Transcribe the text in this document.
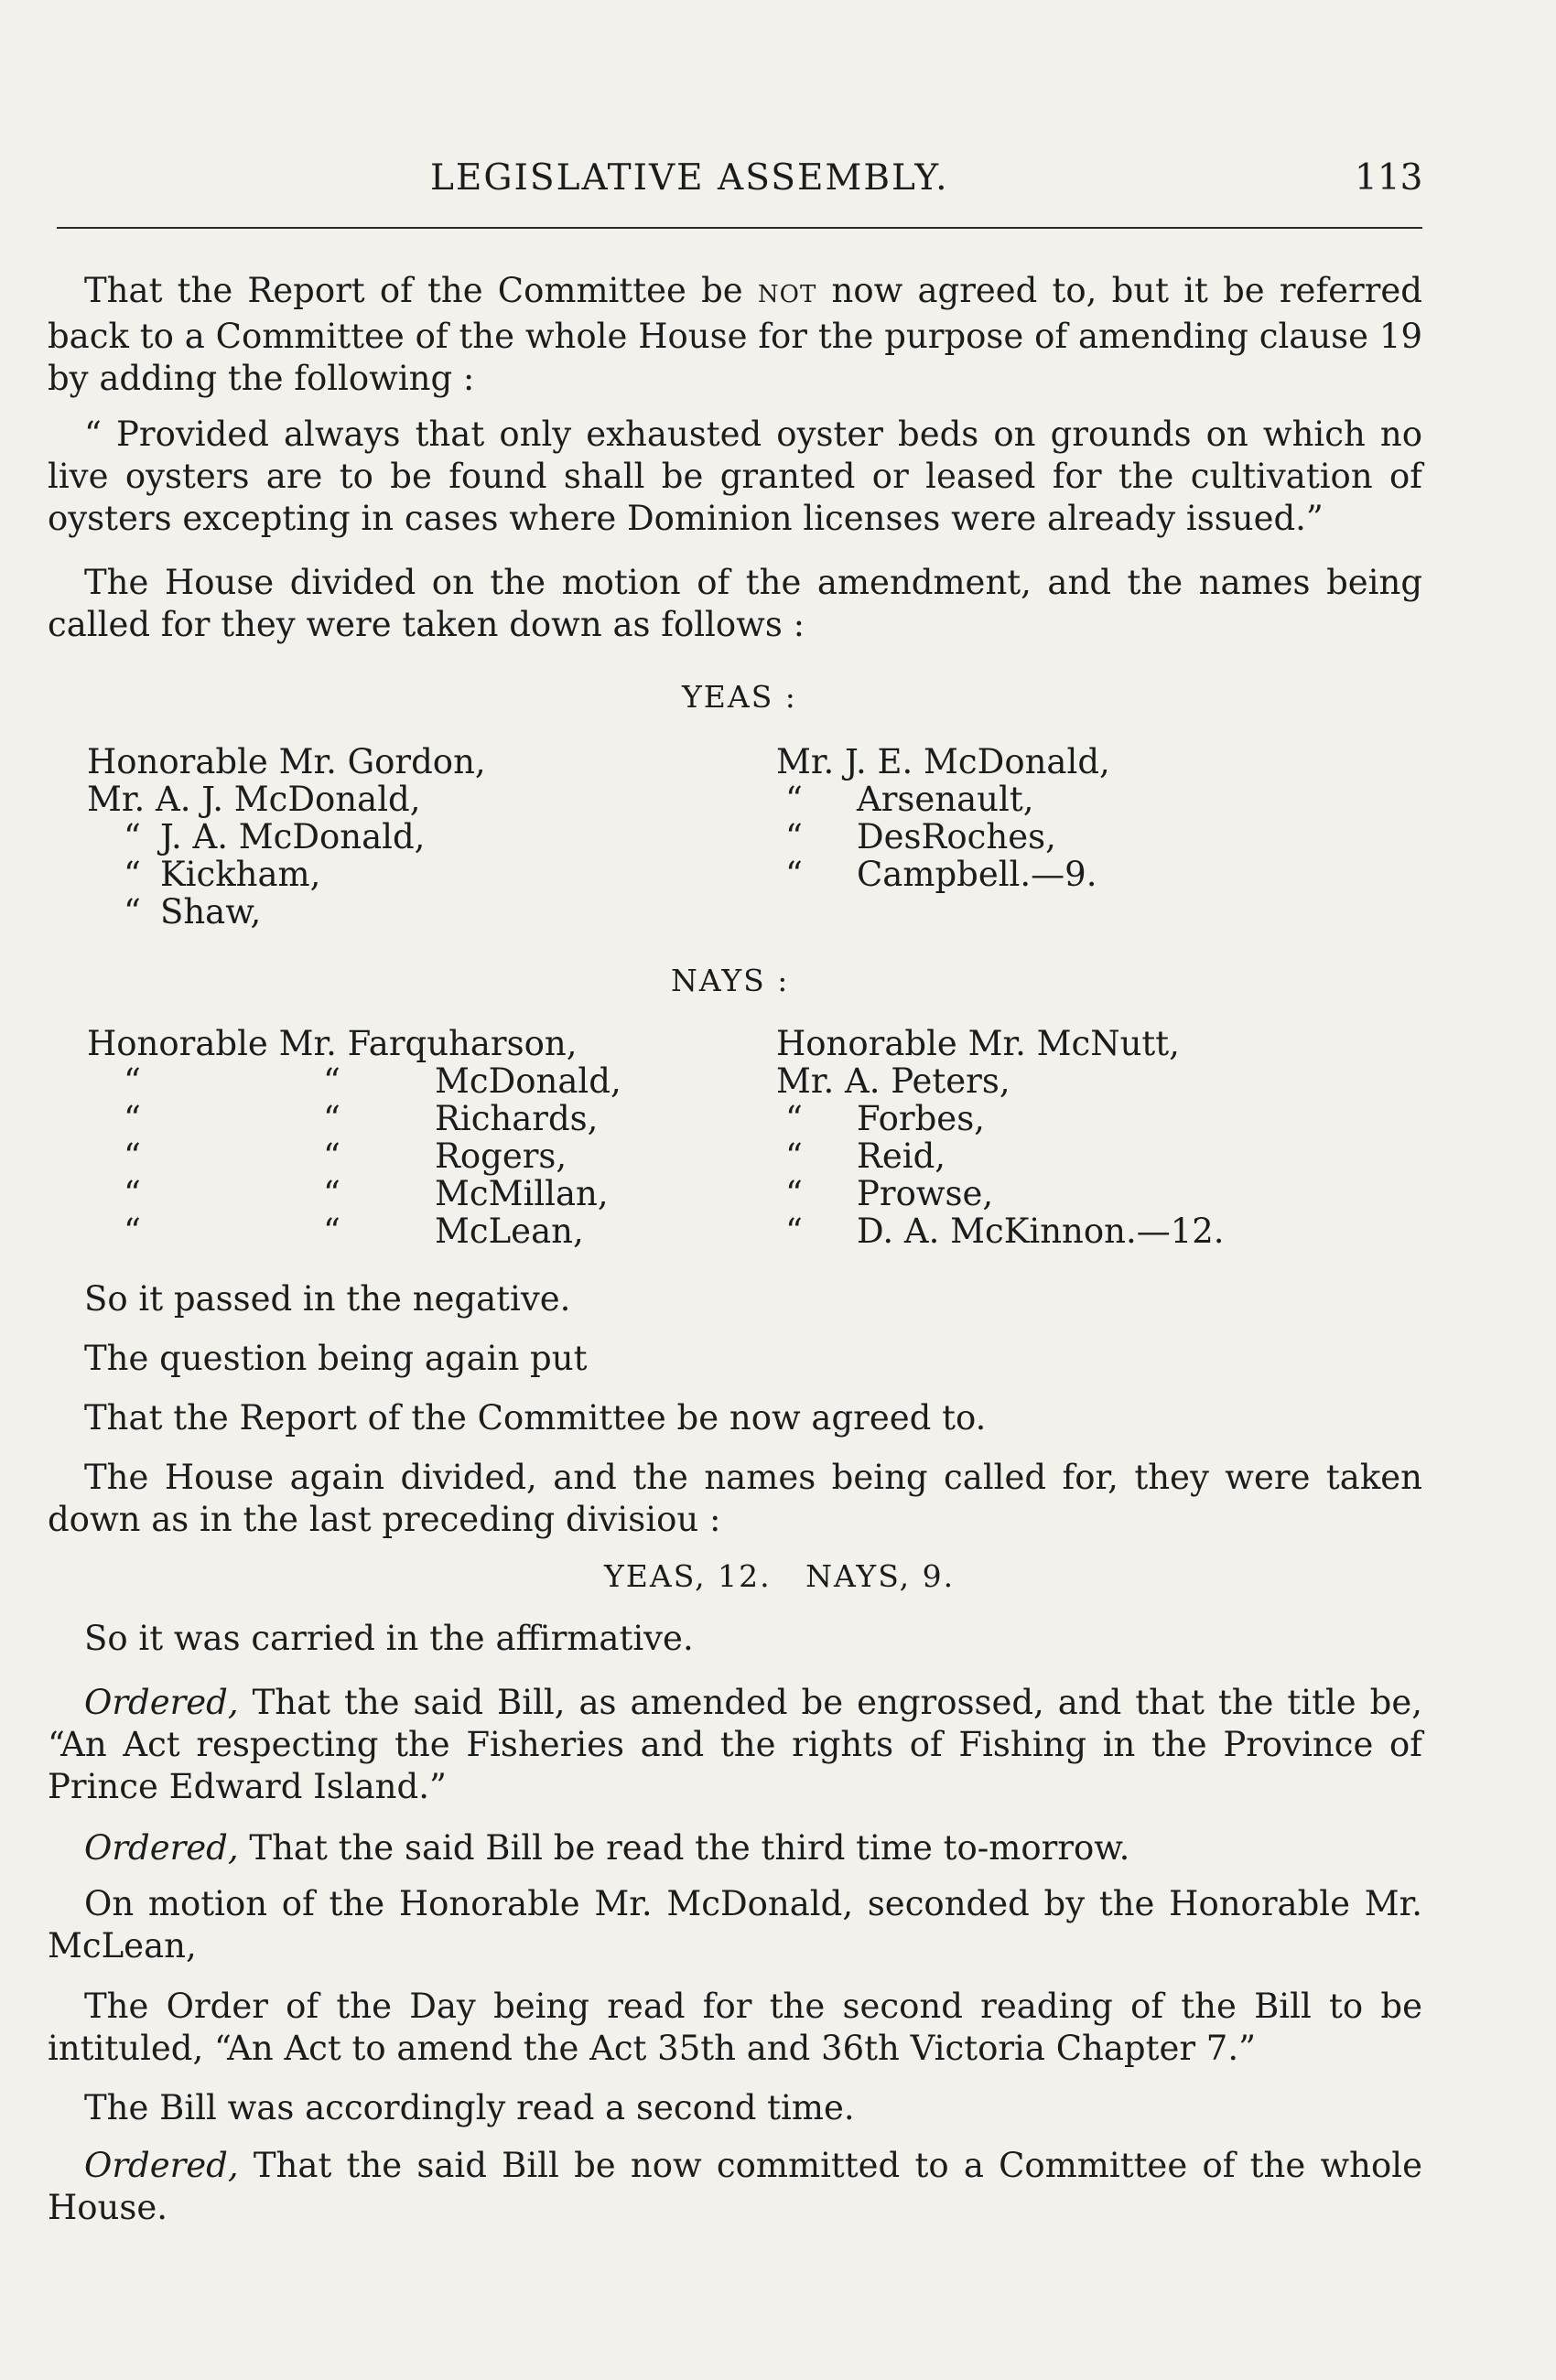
LEGISLATIVE ASSEMBLY.	113
That the Report of the Committee be NOT now agreed to, but it be referred back to a Committee of the whole House for the purpose of amending clause 19 by adding the following :
“ Provided always that only exhausted oyster beds on grounds on which no live oysters are to be found shall be granted or leased for the cultivation of oysters excepting in cases where Dominion licenses were already issued.”
The House divided on the motion of the amendment, and the names being called for they were taken down as follows :
YEAS :
Honorable Mr. Gordon,
Mr. A. J. McDonald,
“ J. A. McDonald,
“ Kickham,
“ Shaw,
Mr. J. E. McDonald,
“ Arsenault,
“ DesRoches,
“ Campbell.—9.
NAYS :
Honorable Mr. Farquharson,
“	“	McDonald,
“	“	Richards,
“	“	Rogers,
“	“	McMillan,
“	“	McLean,
Honorable Mr. McNutt,
Mr. A. Peters,
“ Forbes,
“ Reid,
“ Prowse,
“ D. A. McKinnon.—12.
So it passed in the negative.
The question being again put
That the Report of the Committee be now agreed to.
The House again divided, and the names being called for, they were taken down as in the last preceding divisiou :
YEAS, 12.   NAYS, 9.
So it was carried in the affirmative.
Ordered, That the said Bill, as amended be engrossed, and that the title be, “An Act respecting the Fisheries and the rights of Fishing in the Province of Prince Edward Island.”
Ordered, That the said Bill be read the third time to-morrow.
On motion of the Honorable Mr. McDonald, seconded by the Honorable Mr. McLean,
The Order of the Day being read for the second reading of the Bill to be intituled, “An Act to amend the Act 35th and 36th Victoria Chapter 7.”
The Bill was accordingly read a second time.
Ordered, That the said Bill be now committed to a Committee of the whole House.
